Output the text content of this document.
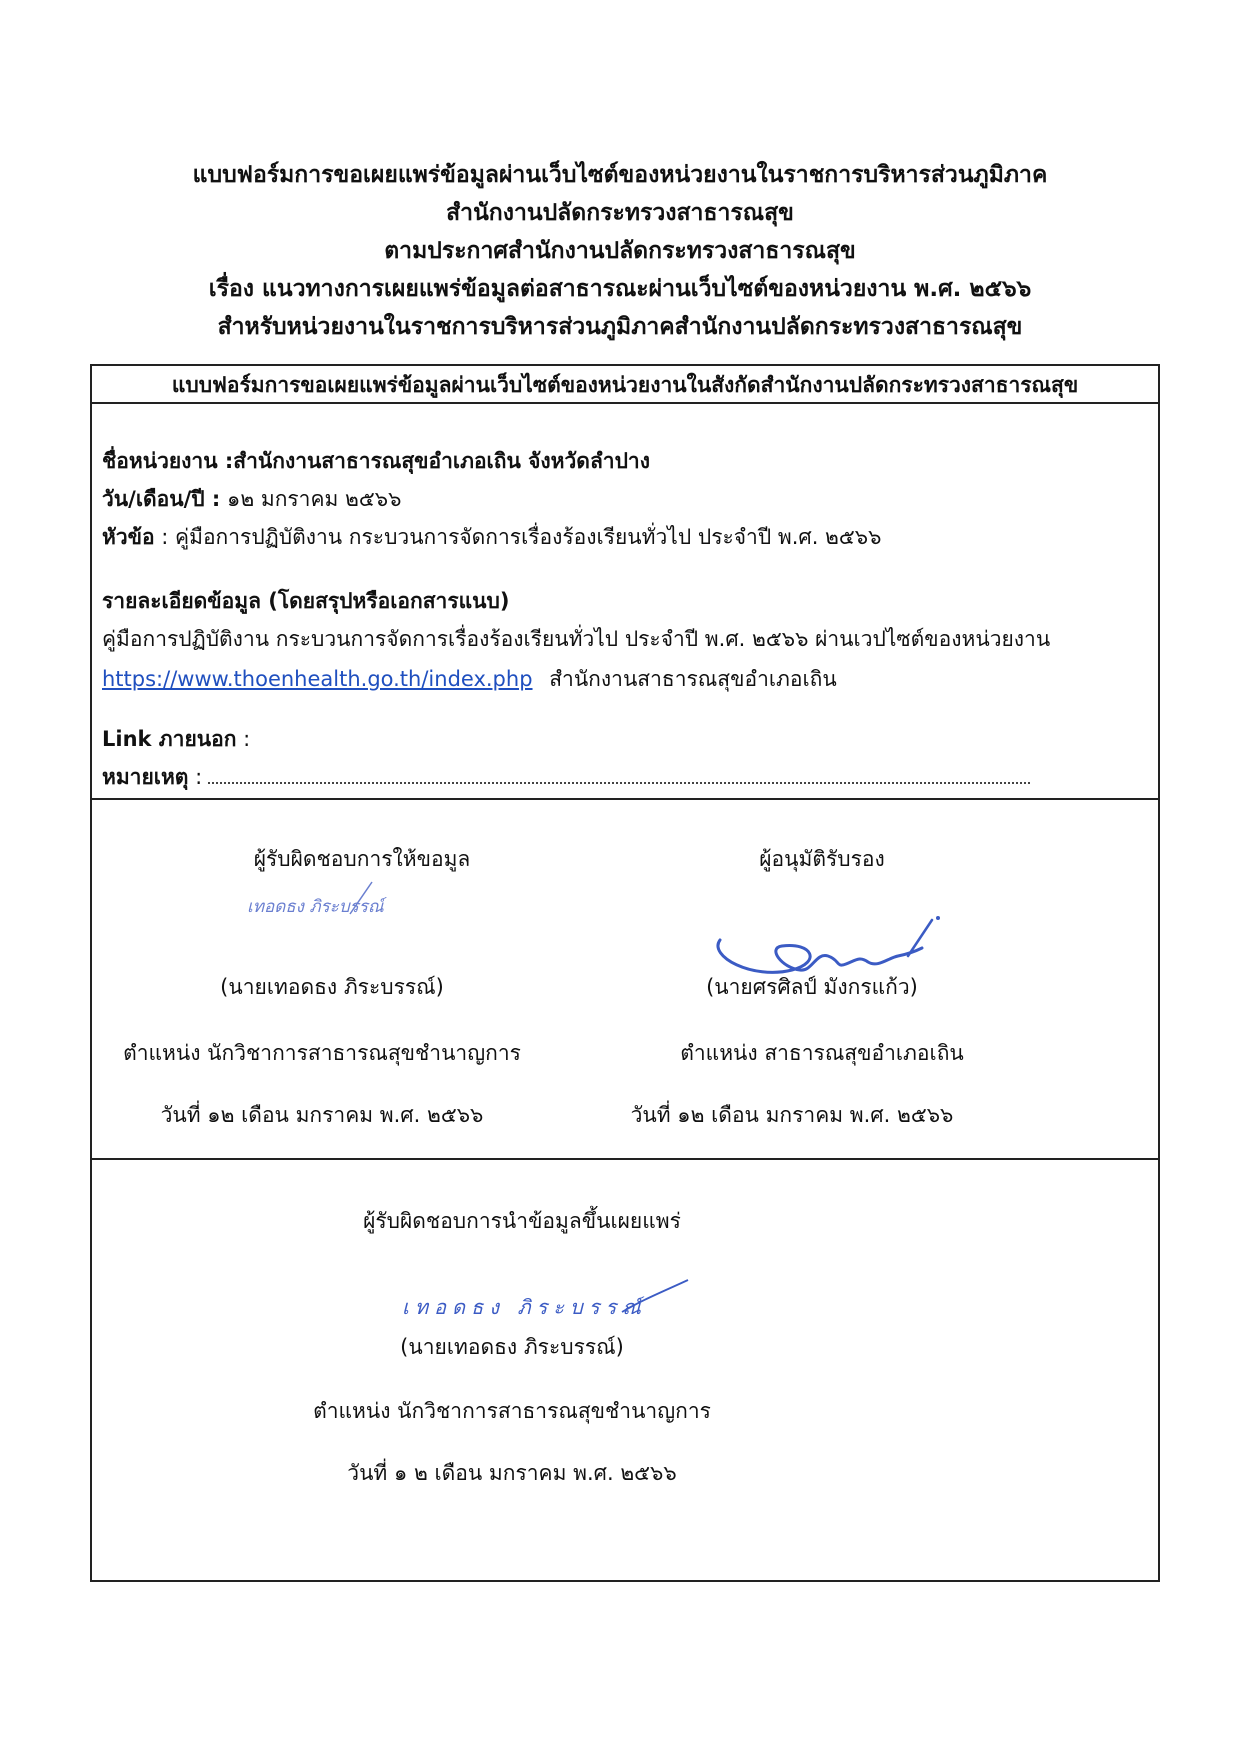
แบบฟอร์มการขอเผยแพร่ข้อมูลผ่านเว็บไซต์ของหน่วยงานในราชการบริหารส่วนภูมิภาค
สำนักงานปลัดกระทรวงสาธารณสุข
ตามประกาศสำนักงานปลัดกระทรวงสาธารณสุข
เรื่อง แนวทางการเผยแพร่ข้อมูลต่อสาธารณะผ่านเว็บไซต์ของหน่วยงาน พ.ศ. ๒๕๖๖
สำหรับหน่วยงานในราชการบริหารส่วนภูมิภาคสำนักงานปลัดกระทรวงสาธารณสุข
แบบฟอร์มการขอเผยแพร่ข้อมูลผ่านเว็บไซต์ของหน่วยงานในสังกัดสำนักงานปลัดกระทรวงสาธารณสุข
ชื่อหน่วยงาน :สำนักงานสาธารณสุขอำเภอเถิน จังหวัดลำปาง
วัน/เดือน/ปี : ๑๒ มกราคม ๒๕๖๖
หัวข้อ : คู่มือการปฏิบัติงาน กระบวนการจัดการเรื่องร้องเรียนทั่วไป ประจำปี พ.ศ. ๒๕๖๖
รายละเอียดข้อมูล (โดยสรุปหรือเอกสารแนบ)
คู่มือการปฏิบัติงาน กระบวนการจัดการเรื่องร้องเรียนทั่วไป ประจำปี พ.ศ. ๒๕๖๖ ผ่านเวปไซต์ของหน่วยงาน
https://www.thoenhealth.go.th/index.php สำนักงานสาธารณสุขอำเภอเถิน
Link ภายนอก :
หมายเหตุ :
ผู้รับผิดชอบการให้ขอมูล	ผู้อนุมัติรับรอง
เทอดธง ภิระบรรณ์
(นายเทอดธง ภิระบรรณ์)	(นายศรศิลป์ มังกรแก้ว)
ตำแหน่ง นักวิชาการสาธารณสุขชำนาญการ	ตำแหน่ง สาธารณสุขอำเภอเถิน
วันที่ ๑๒ เดือน มกราคม พ.ศ. ๒๕๖๖	วันที่ ๑๒ เดือน มกราคม พ.ศ. ๒๕๖๖
ผู้รับผิดชอบการนำข้อมูลขึ้นเผยแพร่
เทอดธง ภิระบรรณ์
(นายเทอดธง ภิระบรรณ์)
ตำแหน่ง นักวิชาการสาธารณสุขชำนาญการ
วันที่ ๑ ๒ เดือน มกราคม พ.ศ. ๒๕๖๖
